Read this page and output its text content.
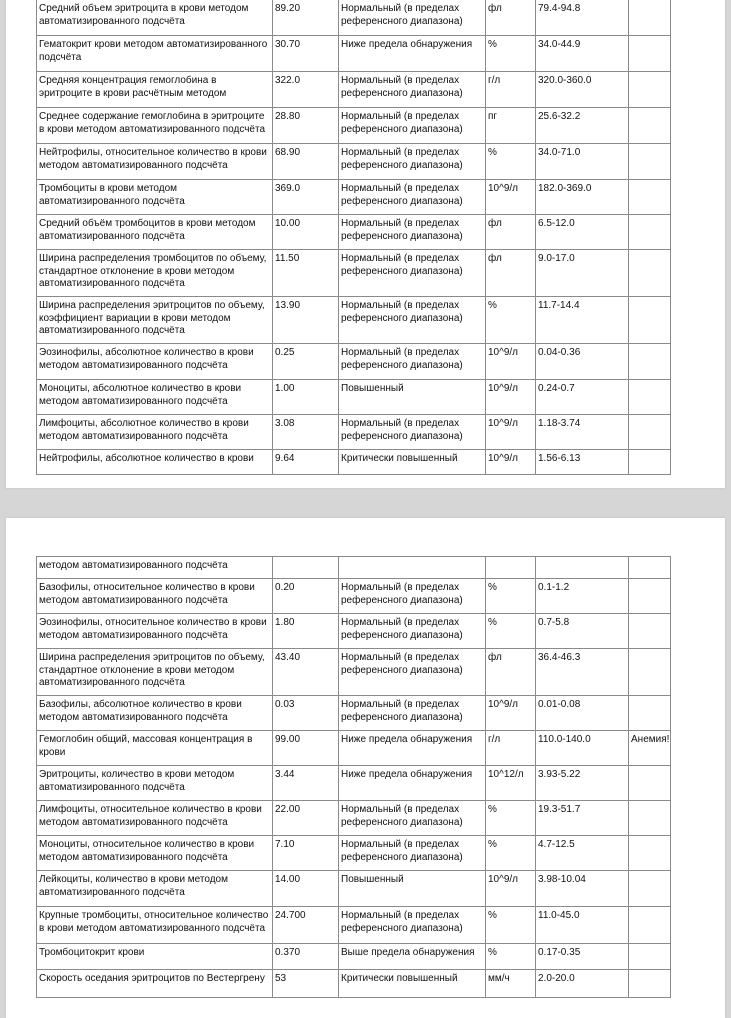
Средний объем эритроцита в крови методом автоматизированного подсчёта	89.20	Нормальный (в пределах референсного диапазона)	фл	79.4-94.8	
Гематокрит крови методом автоматизированного подсчёта	30.70	Ниже предела обнаружения	%	34.0-44.9	
Средняя концентрация гемоглобина в эритроците в крови расчётным методом	322.0	Нормальный (в пределах референсного диапазона)	г/л	320.0-360.0	
Среднее содержание гемоглобина в эритроците в крови методом автоматизированного подсчёта	28.80	Нормальный (в пределах референсного диапазона)	пг	25.6-32.2	
Нейтрофилы, относительное количество в крови методом автоматизированного подсчёта	68.90	Нормальный (в пределах референсного диапазона)	%	34.0-71.0	
Тромбоциты в крови методом автоматизированного подсчёта	369.0	Нормальный (в пределах референсного диапазона)	10^9/л	182.0-369.0	
Средний объём тромбоцитов в крови методом автоматизированного подсчёта	10.00	Нормальный (в пределах референсного диапазона)	фл	6.5-12.0	
Ширина распределения тромбоцитов по объему, стандартное отклонение в крови методом автоматизированного подсчёта	11.50	Нормальный (в пределах референсного диапазона)	фл	9.0-17.0	
Ширина распределения эритроцитов по объему, коэффициент вариации в крови методом автоматизированного подсчёта	13.90	Нормальный (в пределах референсного диапазона)	%	11.7-14.4	
Эозинофилы, абсолютное количество в крови методом автоматизированного подсчёта	0.25	Нормальный (в пределах референсного диапазона)	10^9/л	0.04-0.36	
Моноциты, абсолютное количество в крови методом автоматизированного подсчёта	1.00	Повышенный	10^9/л	0.24-0.7	
Лимфоциты, абсолютное количество в крови методом автоматизированного подсчёта	3.08	Нормальный (в пределах референсного диапазона)	10^9/л	1.18-3.74	
Нейтрофилы, абсолютное количество в крови	9.64	Критически повышенный	10^9/л	1.56-6.13	
методом автоматизированного подсчёта					
Базофилы, относительное количество в крови методом автоматизированного подсчёта	0.20	Нормальный (в пределах референсного диапазона)	%	0.1-1.2	
Эозинофилы, относительное количество в крови методом автоматизированного подсчёта	1.80	Нормальный (в пределах референсного диапазона)	%	0.7-5.8	
Ширина распределения эритроцитов по объему, стандартное отклонение в крови методом автоматизированного подсчёта	43.40	Нормальный (в пределах референсного диапазона)	фл	36.4-46.3	
Базофилы, абсолютное количество в крови методом автоматизированного подсчёта	0.03	Нормальный (в пределах референсного диапазона)	10^9/л	0.01-0.08	
Гемоглобин общий, массовая концентрация в крови	99.00	Ниже предела обнаружения	г/л	110.0-140.0	Анемия!
Эритроциты, количество в крови методом автоматизированного подсчёта	3.44	Ниже предела обнаружения	10^12/л	3.93-5.22	
Лимфоциты, относительное количество в крови методом автоматизированного подсчёта	22.00	Нормальный (в пределах референсного диапазона)	%	19.3-51.7	
Моноциты, относительное количество в крови методом автоматизированного подсчёта	7.10	Нормальный (в пределах референсного диапазона)	%	4.7-12.5	
Лейкоциты, количество в крови методом автоматизированного подсчёта	14.00	Повышенный	10^9/л	3.98-10.04	
Крупные тромбоциты, относительное количество в крови методом автоматизированного подсчёта	24.700	Нормальный (в пределах референсного диапазона)	%	11.0-45.0	
Тромбоцитокрит крови	0.370	Выше предела обнаружения	%	0.17-0.35	
Скорость оседания эритроцитов по Вестергрену	53	Критически повышенный	мм/ч	2.0-20.0	
